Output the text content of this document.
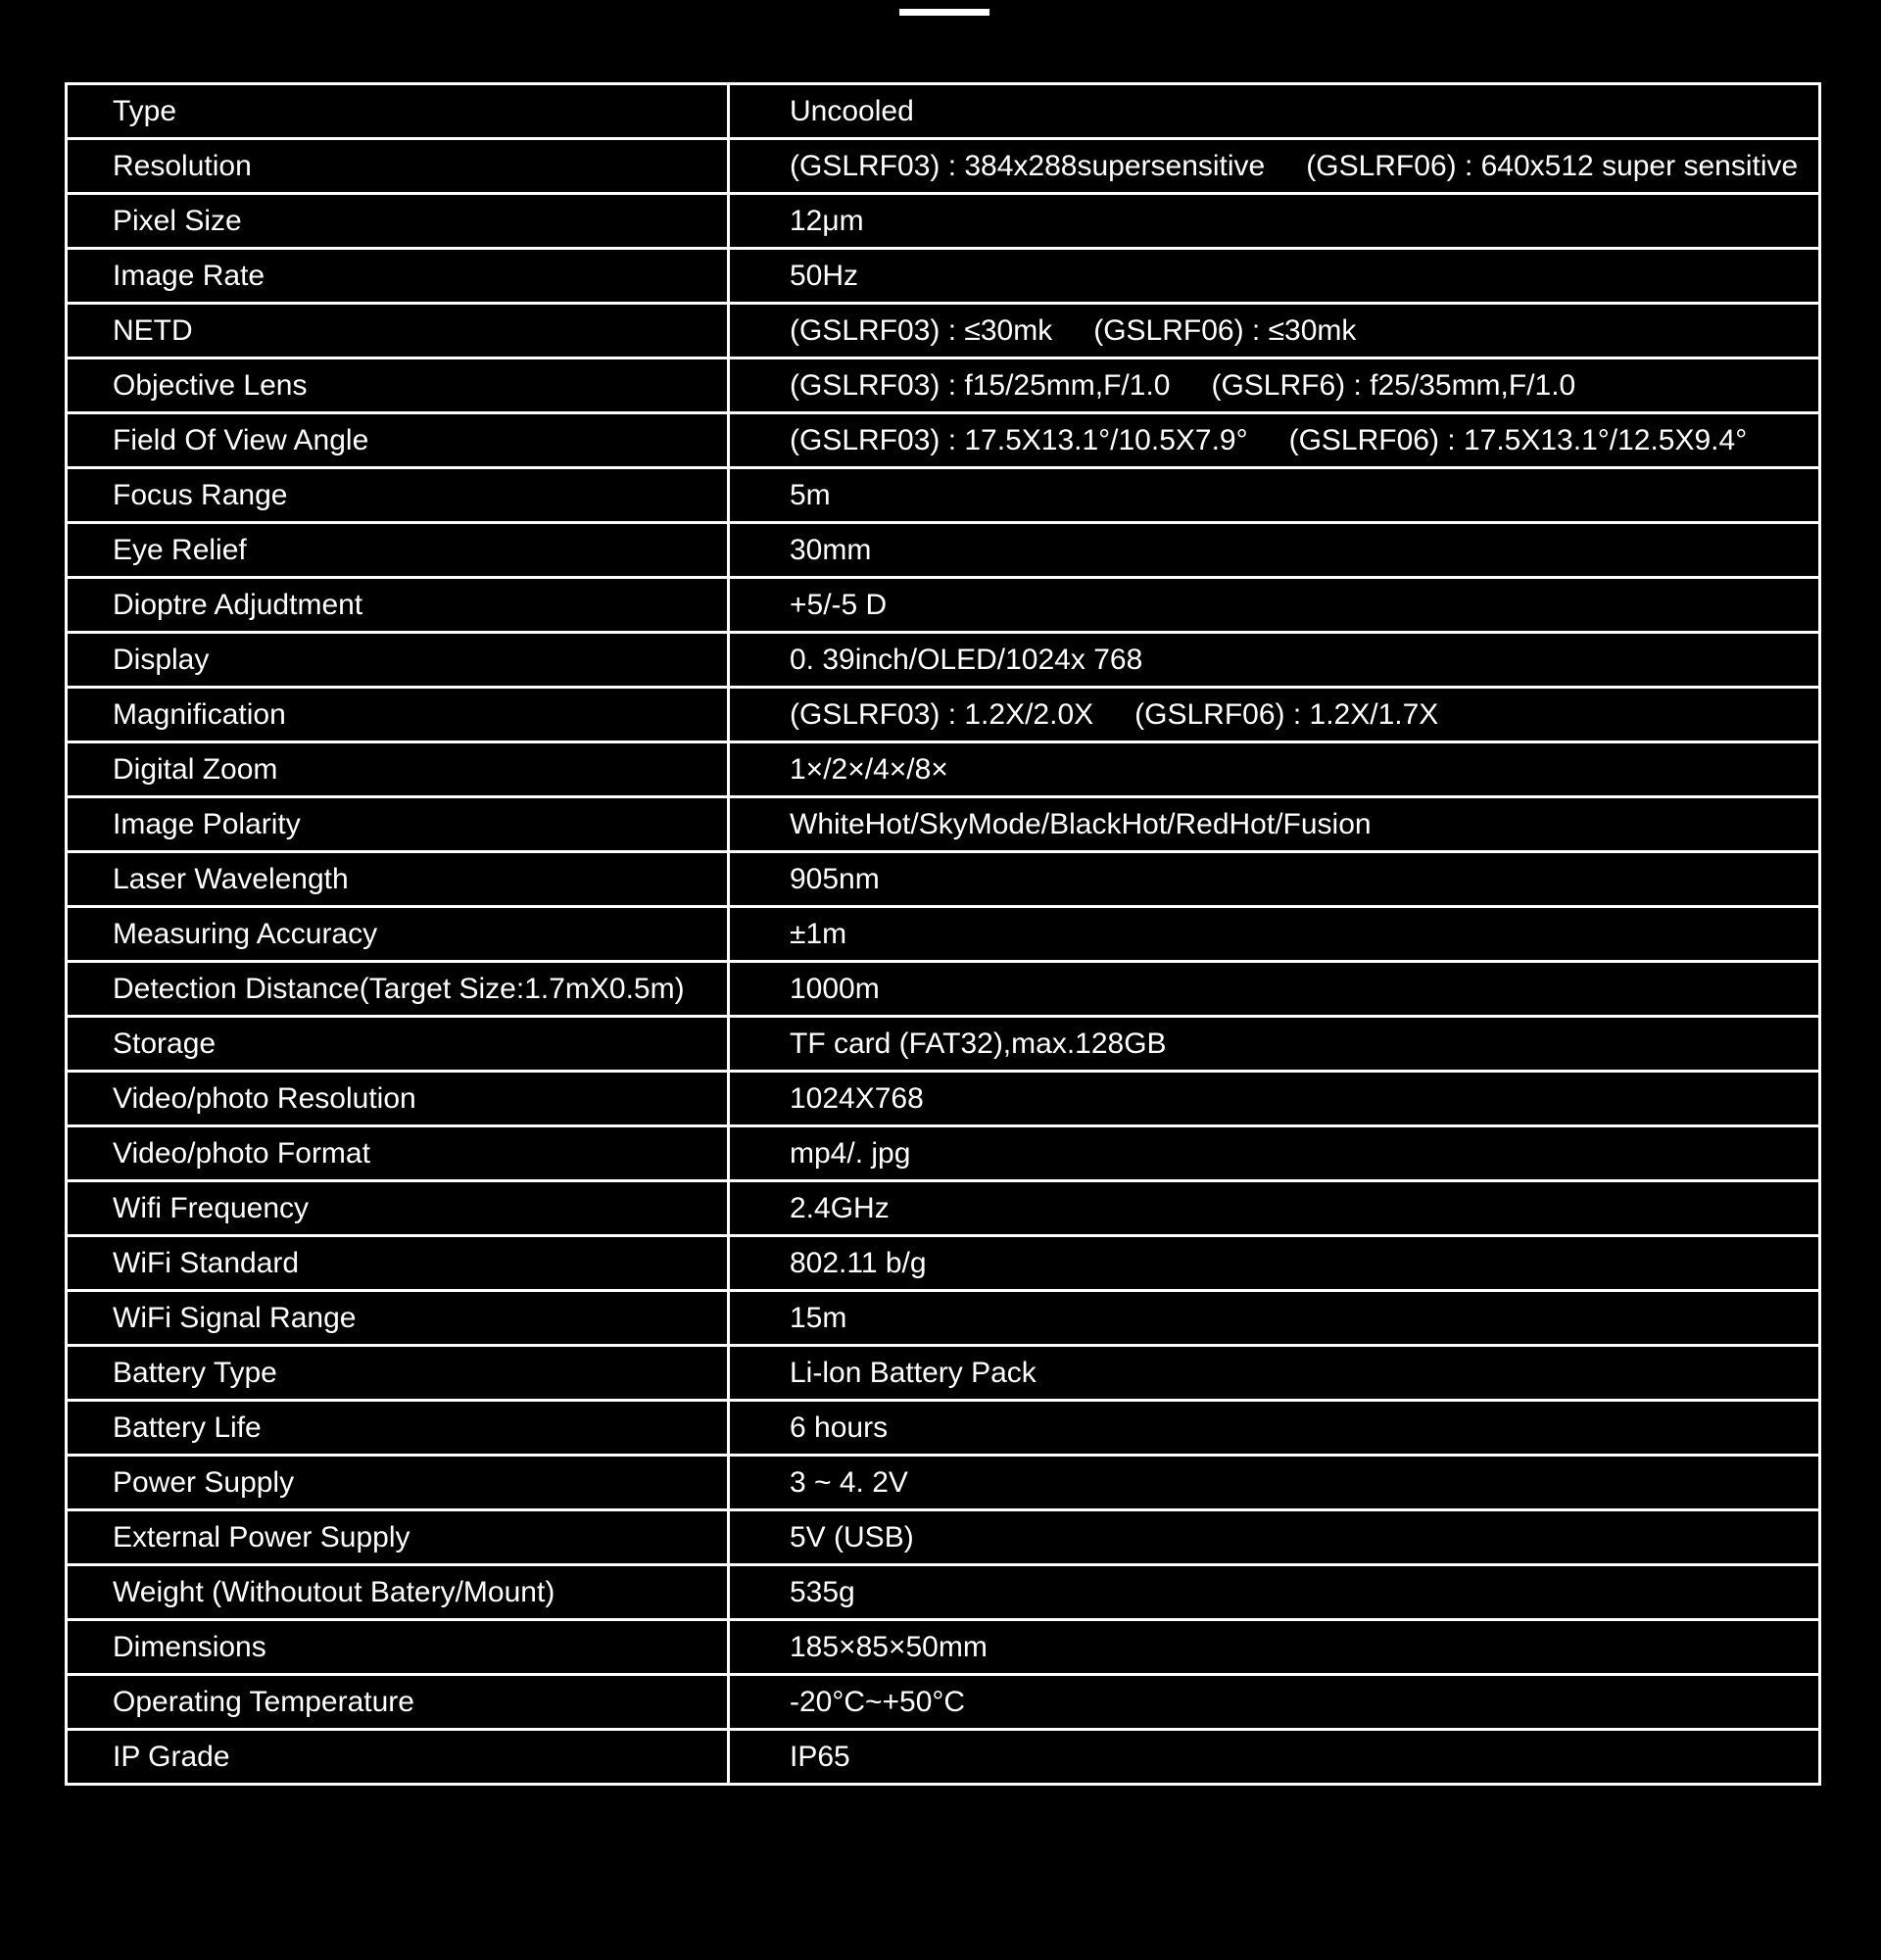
Type	Uncooled
Resolution	(GSLRF03) : 384x288supersensitive (GSLRF06) : 640x512 super sensitive
Pixel Size	12μm
Image Rate	50Hz
NETD	(GSLRF03) : ≤30mk (GSLRF06) : ≤30mk
Objective Lens	(GSLRF03) : f15/25mm,F/1.0 (GSLRF6) : f25/35mm,F/1.0
Field Of View Angle	(GSLRF03) : 17.5X13.1°/10.5X7.9° (GSLRF06) : 17.5X13.1°/12.5X9.4°
Focus Range	5m
Eye Relief	30mm
Dioptre Adjudtment	+5/-5 D
Display	0. 39inch/OLED/1024x 768
Magnification	(GSLRF03) : 1.2X/2.0X (GSLRF06) : 1.2X/1.7X
Digital Zoom	1×/2×/4×/8×
Image Polarity	WhiteHot/SkyMode/BlackHot/RedHot/Fusion
Laser Wavelength	905nm
Measuring Accuracy	±1m
Detection Distance(Target Size:1.7mX0.5m)	1000m
Storage	TF card (FAT32),max.128GB
Video/photo Resolution	1024X768
Video/photo Format	mp4/. jpg
Wifi Frequency	2.4GHz
WiFi Standard	802.11 b/g
WiFi Signal Range	15m
Battery Type	Li-lon Battery Pack
Battery Life	6 hours
Power Supply	3 ~ 4. 2V
External Power Supply	5V (USB)
Weight (Withoutout Batery/Mount)	535g
Dimensions	185×85×50mm
Operating Temperature	-20°C~+50°C
IP Grade	IP65
